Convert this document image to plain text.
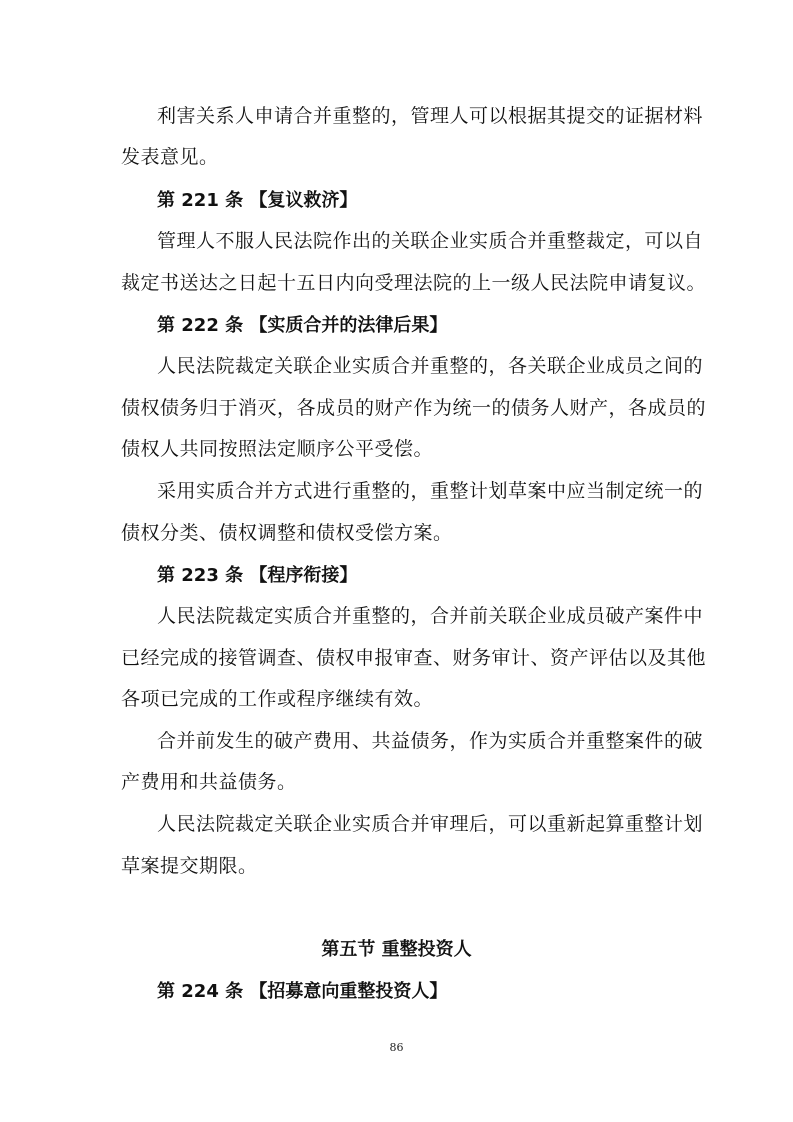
利害关系人申请合并重整的，管理人可以根据其提交的证据材料
发表意见。
第 221 条 【复议救济】
管理人不服人民法院作出的关联企业实质合并重整裁定，可以自
裁定书送达之日起十五日内向受理法院的上一级人民法院申请复议。
第 222 条 【实质合并的法律后果】
人民法院裁定关联企业实质合并重整的，各关联企业成员之间的
债权债务归于消灭，各成员的财产作为统一的债务人财产，各成员的
债权人共同按照法定顺序公平受偿。
采用实质合并方式进行重整的，重整计划草案中应当制定统一的
债权分类、债权调整和债权受偿方案。
第 223 条 【程序衔接】
人民法院裁定实质合并重整的，合并前关联企业成员破产案件中
已经完成的接管调查、债权申报审查、财务审计、资产评估以及其他
各项已完成的工作或程序继续有效。
合并前发生的破产费用、共益债务，作为实质合并重整案件的破
产费用和共益债务。
人民法院裁定关联企业实质合并审理后，可以重新起算重整计划
草案提交期限。
第五节 重整投资人
第 224 条 【招募意向重整投资人】
86
